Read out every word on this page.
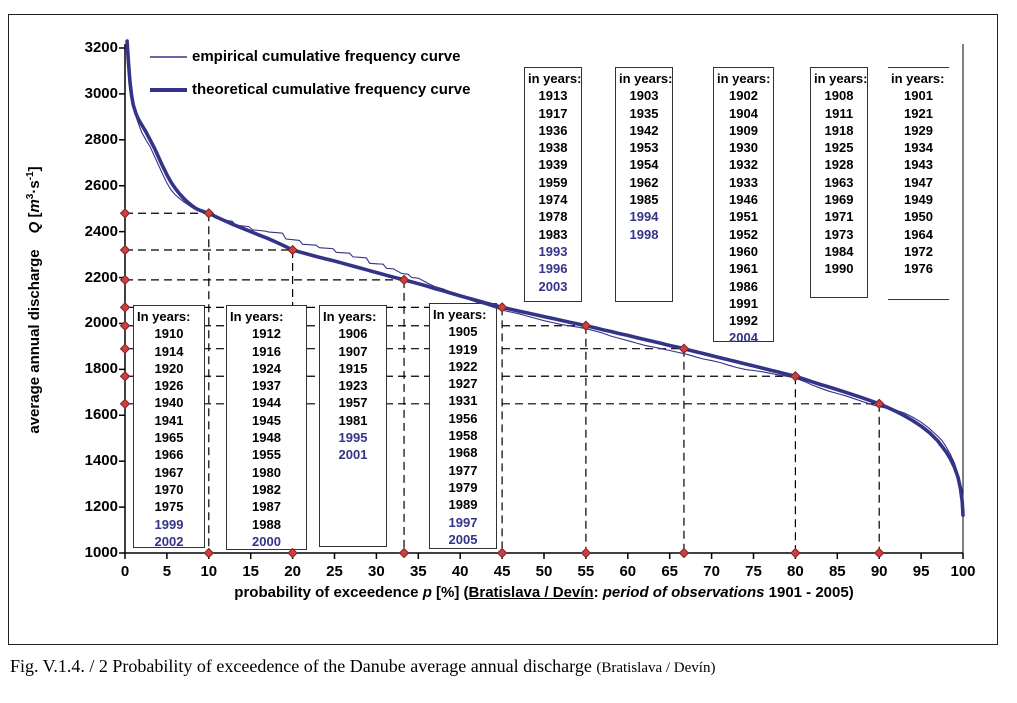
In years:
1910
1914
1920
1926
1940
1941
1965
1966
1967
1970
1975
1999
2002
In years:
1912
1916
1924
1937
1944
1945
1948
1955
1980
1982
1987
1988
2000
In years:
1906
1907
1915
1923
1957
1981
1995
2001
In years:
1905
1919
1922
1927
1931
1956
1958
1968
1977
1979
1989
1997
2005
in years:
1913
1917
1936
1938
1939
1959
1974
1978
1983
1993
1996
2003
in years:
1903
1935
1942
1953
1954
1962
1985
1994
1998
in years:
1902
1904
1909
1930
1932
1933
1946
1951
1952
1960
1961
1986
1991
1992
2004
in years:
1908
1911
1918
1925
1928
1963
1969
1971
1973
1984
1990
in years:
1901
1921
1929
1934
1943
1947
1949
1950
1964
1972
1976
1000
1200
1400
1600
1800
2000
2200
2400
2600
2800
3000
3200
0	5	10	15	20	25	30	35	40	45	50	55	60	65	70	75	80	85	90	95	100
empirical cumulative frequency curve
theoretical cumulative frequency curve
average annual dischargeQ $[m^3\cdot s^{-1}]$
probability of exceedence p [%] (Bratislava / Devín: period of observations 1901 - 2005)
Fig. V.1.4. / 2 Probability of exceedence of the Danube average annual discharge (Bratislava / Devín)
